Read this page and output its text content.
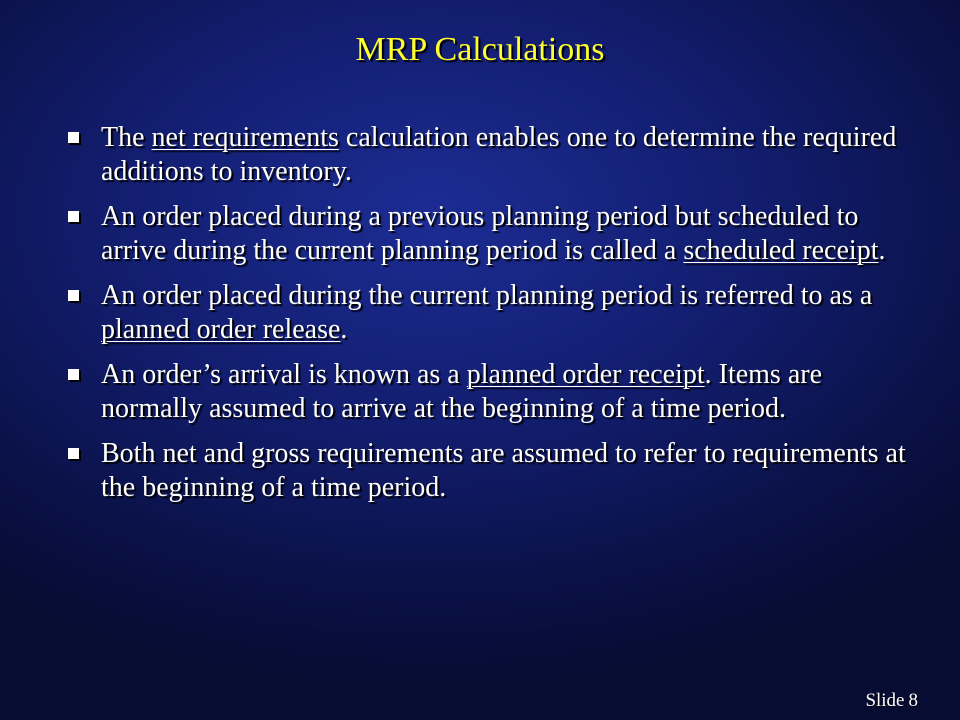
MRP Calculations
The net requirements calculation enables one to determine the required additions to inventory.
An order placed during a previous planning period but scheduled to arrive during the current planning period is called a scheduled receipt.
An order placed during the current planning period is referred to as a planned order release.
An order’s arrival is known as a planned order receipt. Items are normally assumed to arrive at the beginning of a time period.
Both net and gross requirements are assumed to refer to requirements at the beginning of a time period.
Slide 8
